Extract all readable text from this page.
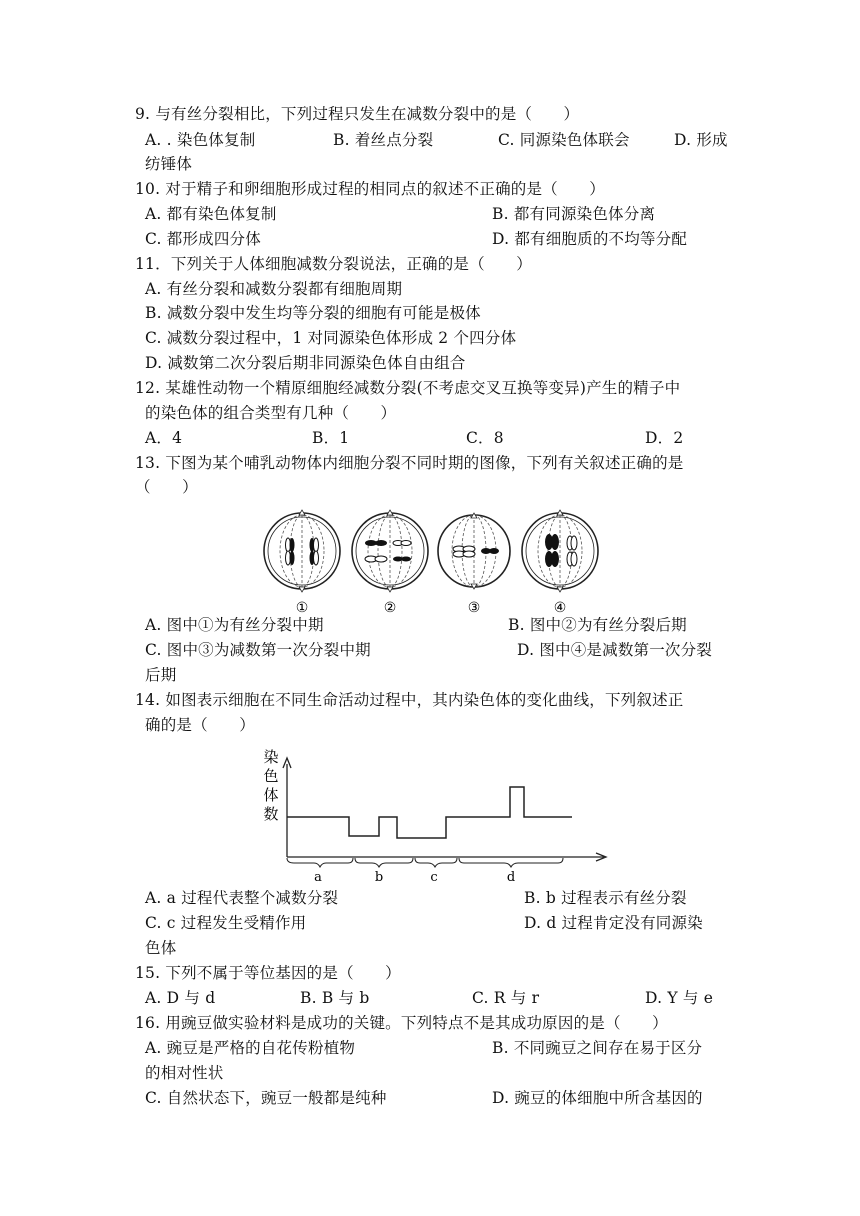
9. 与有丝分裂相比，下列过程只发生在减数分裂中的是（　　）
A. . 染色体复制	B. 着丝点分裂	C. 同源染色体联会	D. 形成
纺锤体
10. 对于精子和卵细胞形成过程的相同点的叙述不正确的是（　　）
A. 都有染色体复制	B. 都有同源染色体分离
C. 都形成四分体	D. 都有细胞质的不均等分配
11．下列关于人体细胞减数分裂说法，正确的是（　　）
A. 有丝分裂和减数分裂都有细胞周期
B. 减数分裂中发生均等分裂的细胞有可能是极体
C. 减数分裂过程中，1 对同源染色体形成 2 个四分体
D. 减数第二次分裂后期非同源染色体自由组合
12. 某雄性动物一个精原细胞经减数分裂(不考虑交叉互换等变异)产生的精子中
的染色体的组合类型有几种（　　）
A．4	B．1	C．8	D．2
13. 下图为某个哺乳动物体内细胞分裂不同时期的图像，下列有关叙述正确的是
（　　）
①	②	③	④
A. 图中①为有丝分裂中期	B. 图中②为有丝分裂后期
C. 图中③为减数第一次分裂中期	D. 图中④是减数第一次分裂
后期
14. 如图表示细胞在不同生命活动过程中，其内染色体的变化曲线，下列叙述正
确的是（　　）
染
色
体
数
a	b	c	d
A. a 过程代表整个减数分裂	B. b 过程表示有丝分裂
C. c 过程发生受精作用	D. d 过程肯定没有同源染
色体
15. 下列不属于等位基因的是（　　）
A. D 与 d	B. B 与 b	C. R 与 r	D. Y 与 e
16. 用豌豆做实验材料是成功的关键。下列特点不是其成功原因的是（　　）
A. 豌豆是严格的自花传粉植物	B. 不同豌豆之间存在易于区分
的相对性状
C. 自然状态下，豌豆一般都是纯种	D. 豌豆的体细胞中所含基因的
